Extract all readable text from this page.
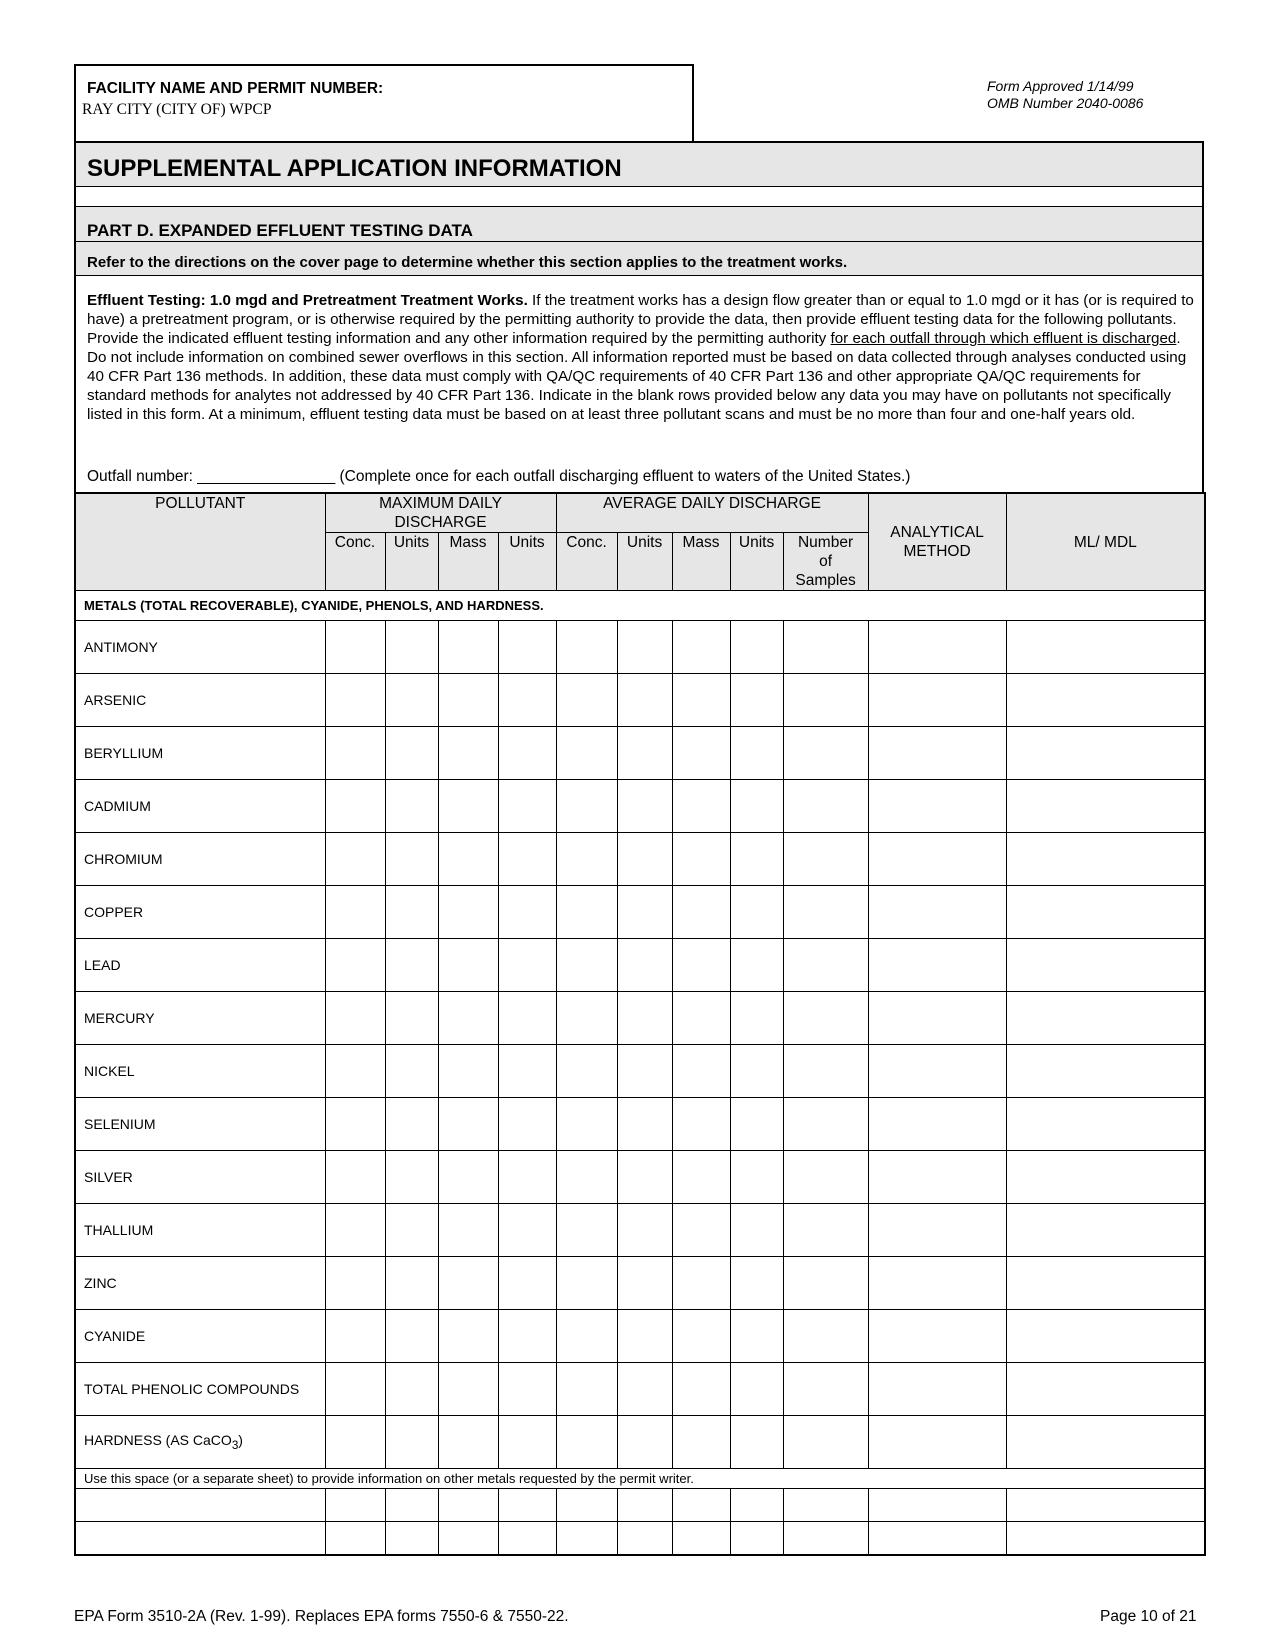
FACILITY NAME AND PERMIT NUMBER:
RAY CITY (CITY OF) WPCP
Form Approved 1/14/99
OMB Number 2040-0086
SUPPLEMENTAL APPLICATION INFORMATION
PART D. EXPANDED EFFLUENT TESTING DATA
Refer to the directions on the cover page to determine whether this section applies to the treatment works.
Effluent Testing: 1.0 mgd and Pretreatment Treatment Works. If the treatment works has a design flow greater than or equal to 1.0 mgd or it has (or is required to have) a pretreatment program, or is otherwise required by the permitting authority to provide the data, then provide effluent testing data for the following pollutants. Provide the indicated effluent testing information and any other information required by the permitting authority for each outfall through which effluent is discharged. Do not include information on combined sewer overflows in this section. All information reported must be based on data collected through analyses conducted using 40 CFR Part 136 methods. In addition, these data must comply with QA/QC requirements of 40 CFR Part 136 and other appropriate QA/QC requirements for standard methods for analytes not addressed by 40 CFR Part 136. Indicate in the blank rows provided below any data you may have on pollutants not specifically listed in this form. At a minimum, effluent testing data must be based on at least three pollutant scans and must be no more than four and one-half years old.
Outfall number: ________________ (Complete once for each outfall discharging effluent to waters of the United States.)
POLLUTANT	MAXIMUM DAILY DISCHARGE				AVERAGE DAILY DISCHARGE					ANALYTICAL METHOD	ML/ MDL
	Conc.	Units	Mass	Units	Conc.	Units	Mass	Units	Number of Samples		
METALS (TOTAL RECOVERABLE), CYANIDE, PHENOLS, AND HARDNESS.											
ANTIMONY											
ARSENIC											
BERYLLIUM											
CADMIUM											
CHROMIUM											
COPPER											
LEAD											
MERCURY											
NICKEL											
SELENIUM											
SILVER											
THALLIUM											
ZINC											
CYANIDE											
TOTAL PHENOLIC COMPOUNDS											
HARDNESS (AS CaCO$_3$)											
Use this space (or a separate sheet) to provide information on other metals requested by the permit writer.											

EPA Form 3510-2A (Rev. 1-99). Replaces EPA forms 7550-6 & 7550-22.	Page 10 of 21
